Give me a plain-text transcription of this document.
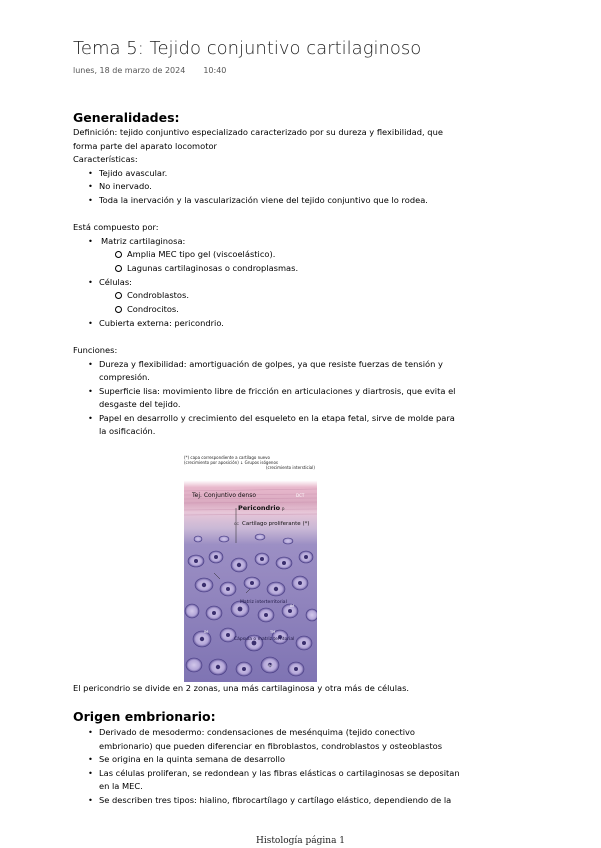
Tema 5: Tejido conjuntivo cartilaginoso
lunes, 18 de marzo de 2024 10:40
Generalidades:
Definición: tejido conjuntivo especializado caracterizado por su dureza y flexibilidad, que
forma parte del aparato locomotor
Características:
• Tejido avascular.
• No inervado.
• Toda la inervación y la vascularización viene del tejido conjuntivo que lo rodea.
Está compuesto por:
• Matriz cartilaginosa:
Amplia MEC tipo gel (viscoelástico).
Lagunas cartilaginosas o condroplasmas.
• Células:
Condroblastos.
Condrocitos.
• Cubierta externa: pericondrio.
Funciones:
• Dureza y flexibilidad: amortiguación de golpes, ya que resiste fuerzas de tensión y
compresión.
• Superficie lisa: movimiento libre de fricción en articulaciones y diartrosis, que evita el
desgaste del tejido.
• Papel en desarrollo y crecimiento del esqueleto en la etapa fetal, sirve de molde para
la osificación.
(*) capa correspondiente a cartílago nuevo
(crecimiento por aposición) ↓ Grupos isógenos
(crecimiento intersticial)
Tej. Conjuntivo denso	DCT
Pericondrio P
Cartílago proliferante (*)
CC
Matriz interterritorial
Cápsula o matriz territorial
IM
IM
IM
TM
El pericondrio se divide en 2 zonas, una más cartilaginosa y otra más de células.
Origen embrionario:
• Derivado de mesodermo: condensaciones de mesénquima (tejido conectivo
embrionario) que pueden diferenciar en fibroblastos, condroblastos y osteoblastos
• Se origina en la quinta semana de desarrollo
• Las células proliferan, se redondean y las fibras elásticas o cartilaginosas se depositan
en la MEC.
• Se describen tres tipos: hialino, fibrocartílago y cartílago elástico, dependiendo de la
Histología página 1
